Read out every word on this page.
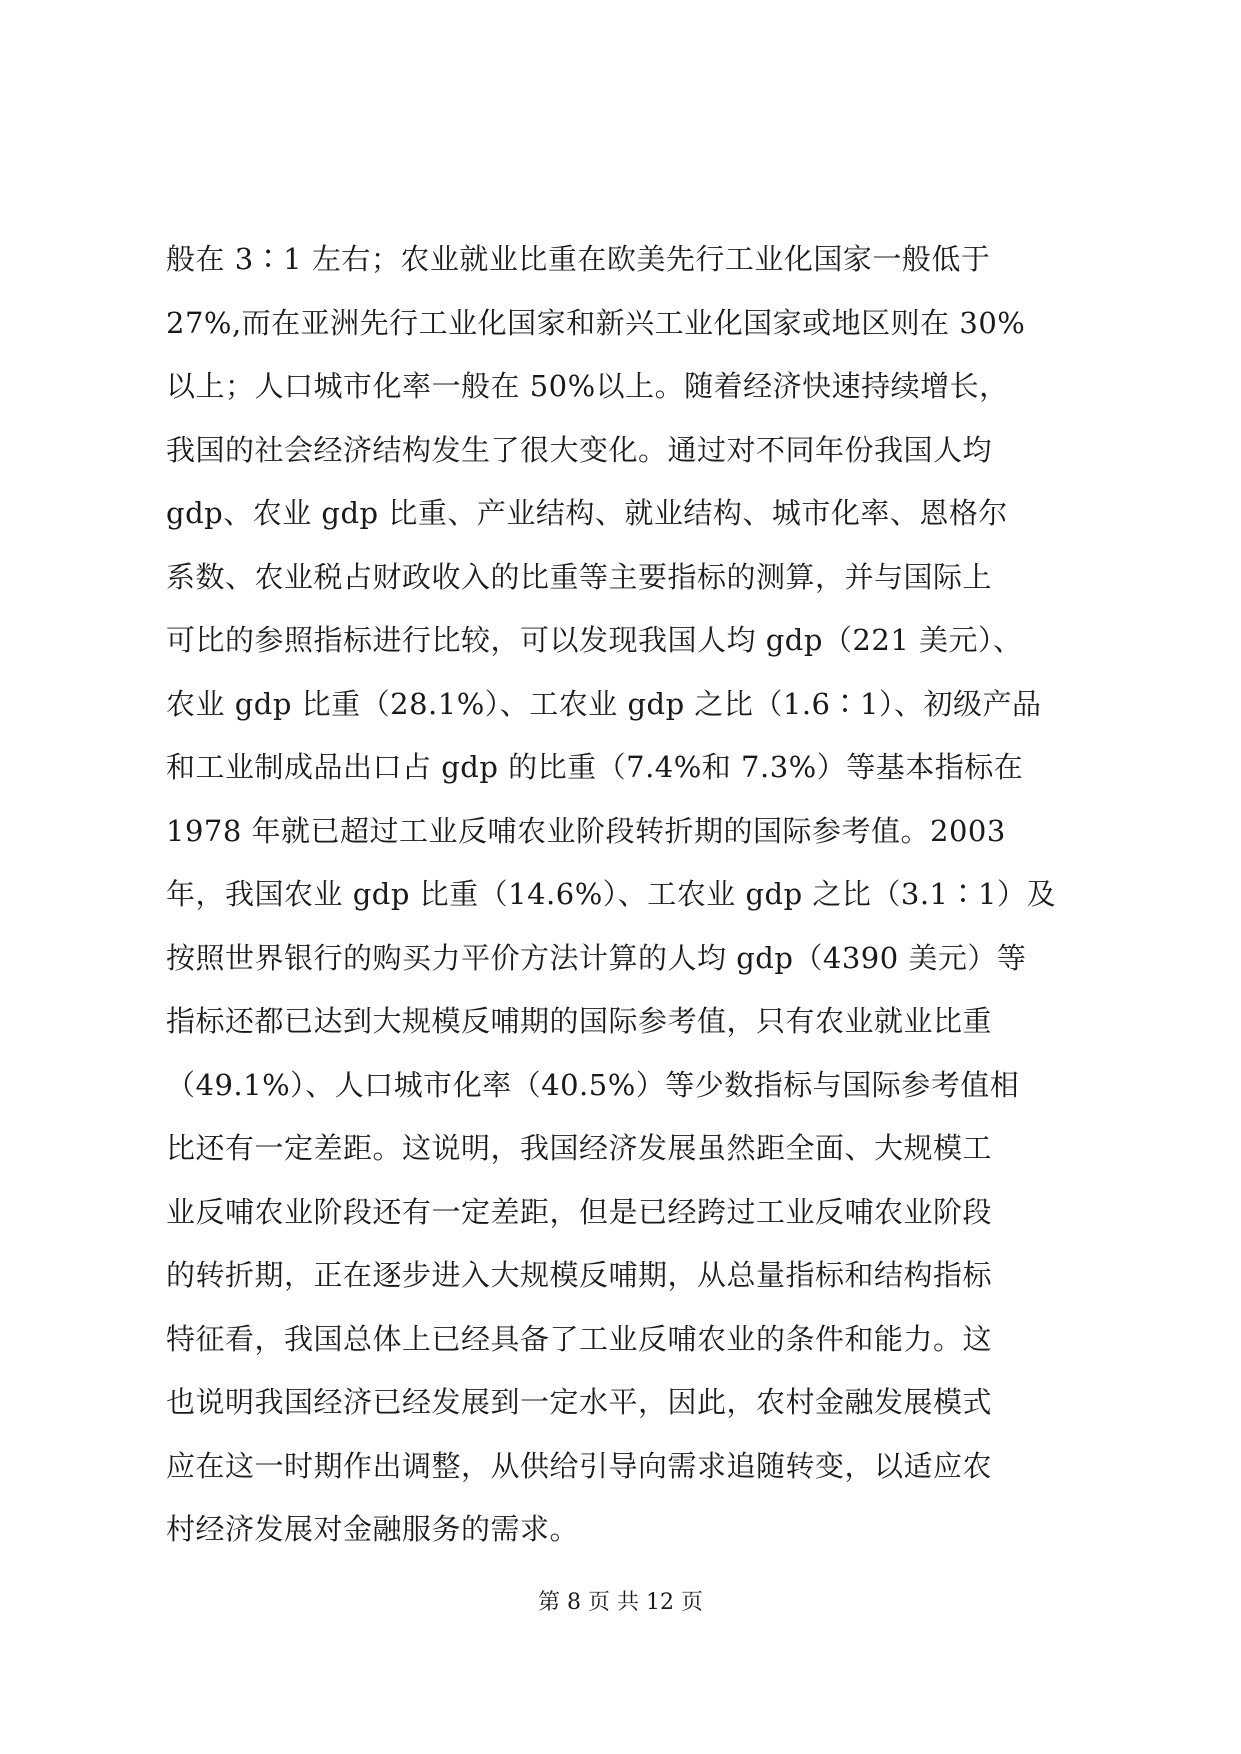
般在 3∶1 左右；农业就业比重在欧美先行工业化国家一般低于
27%,而在亚洲先行工业化国家和新兴工业化国家或地区则在 30%
以上；人口城市化率一般在 50%以上。随着经济快速持续增长，
我国的社会经济结构发生了很大变化。通过对不同年份我国人均
gdp、农业 gdp 比重、产业结构、就业结构、城市化率、恩格尔
系数、农业税占财政收入的比重等主要指标的测算，并与国际上
可比的参照指标进行比较，可以发现我国人均 gdp（221 美元）、
农业 gdp 比重（28.1%）、工农业 gdp 之比（1.6∶1）、初级产品
和工业制成品出口占 gdp 的比重（7.4%和 7.3%）等基本指标在
1978 年就已超过工业反哺农业阶段转折期的国际参考值。2003
年，我国农业 gdp 比重（14.6%）、工农业 gdp 之比（3.1∶1）及
按照世界银行的购买力平价方法计算的人均 gdp（4390 美元）等
指标还都已达到大规模反哺期的国际参考值，只有农业就业比重
（49.1%）、人口城市化率（40.5%）等少数指标与国际参考值相
比还有一定差距。这说明，我国经济发展虽然距全面、大规模工
业反哺农业阶段还有一定差距，但是已经跨过工业反哺农业阶段
的转折期，正在逐步进入大规模反哺期，从总量指标和结构指标
特征看，我国总体上已经具备了工业反哺农业的条件和能力。这
也说明我国经济已经发展到一定水平，因此，农村金融发展模式
应在这一时期作出调整，从供给引导向需求追随转变，以适应农
村经济发展对金融服务的需求。
第 8 页 共 12 页
